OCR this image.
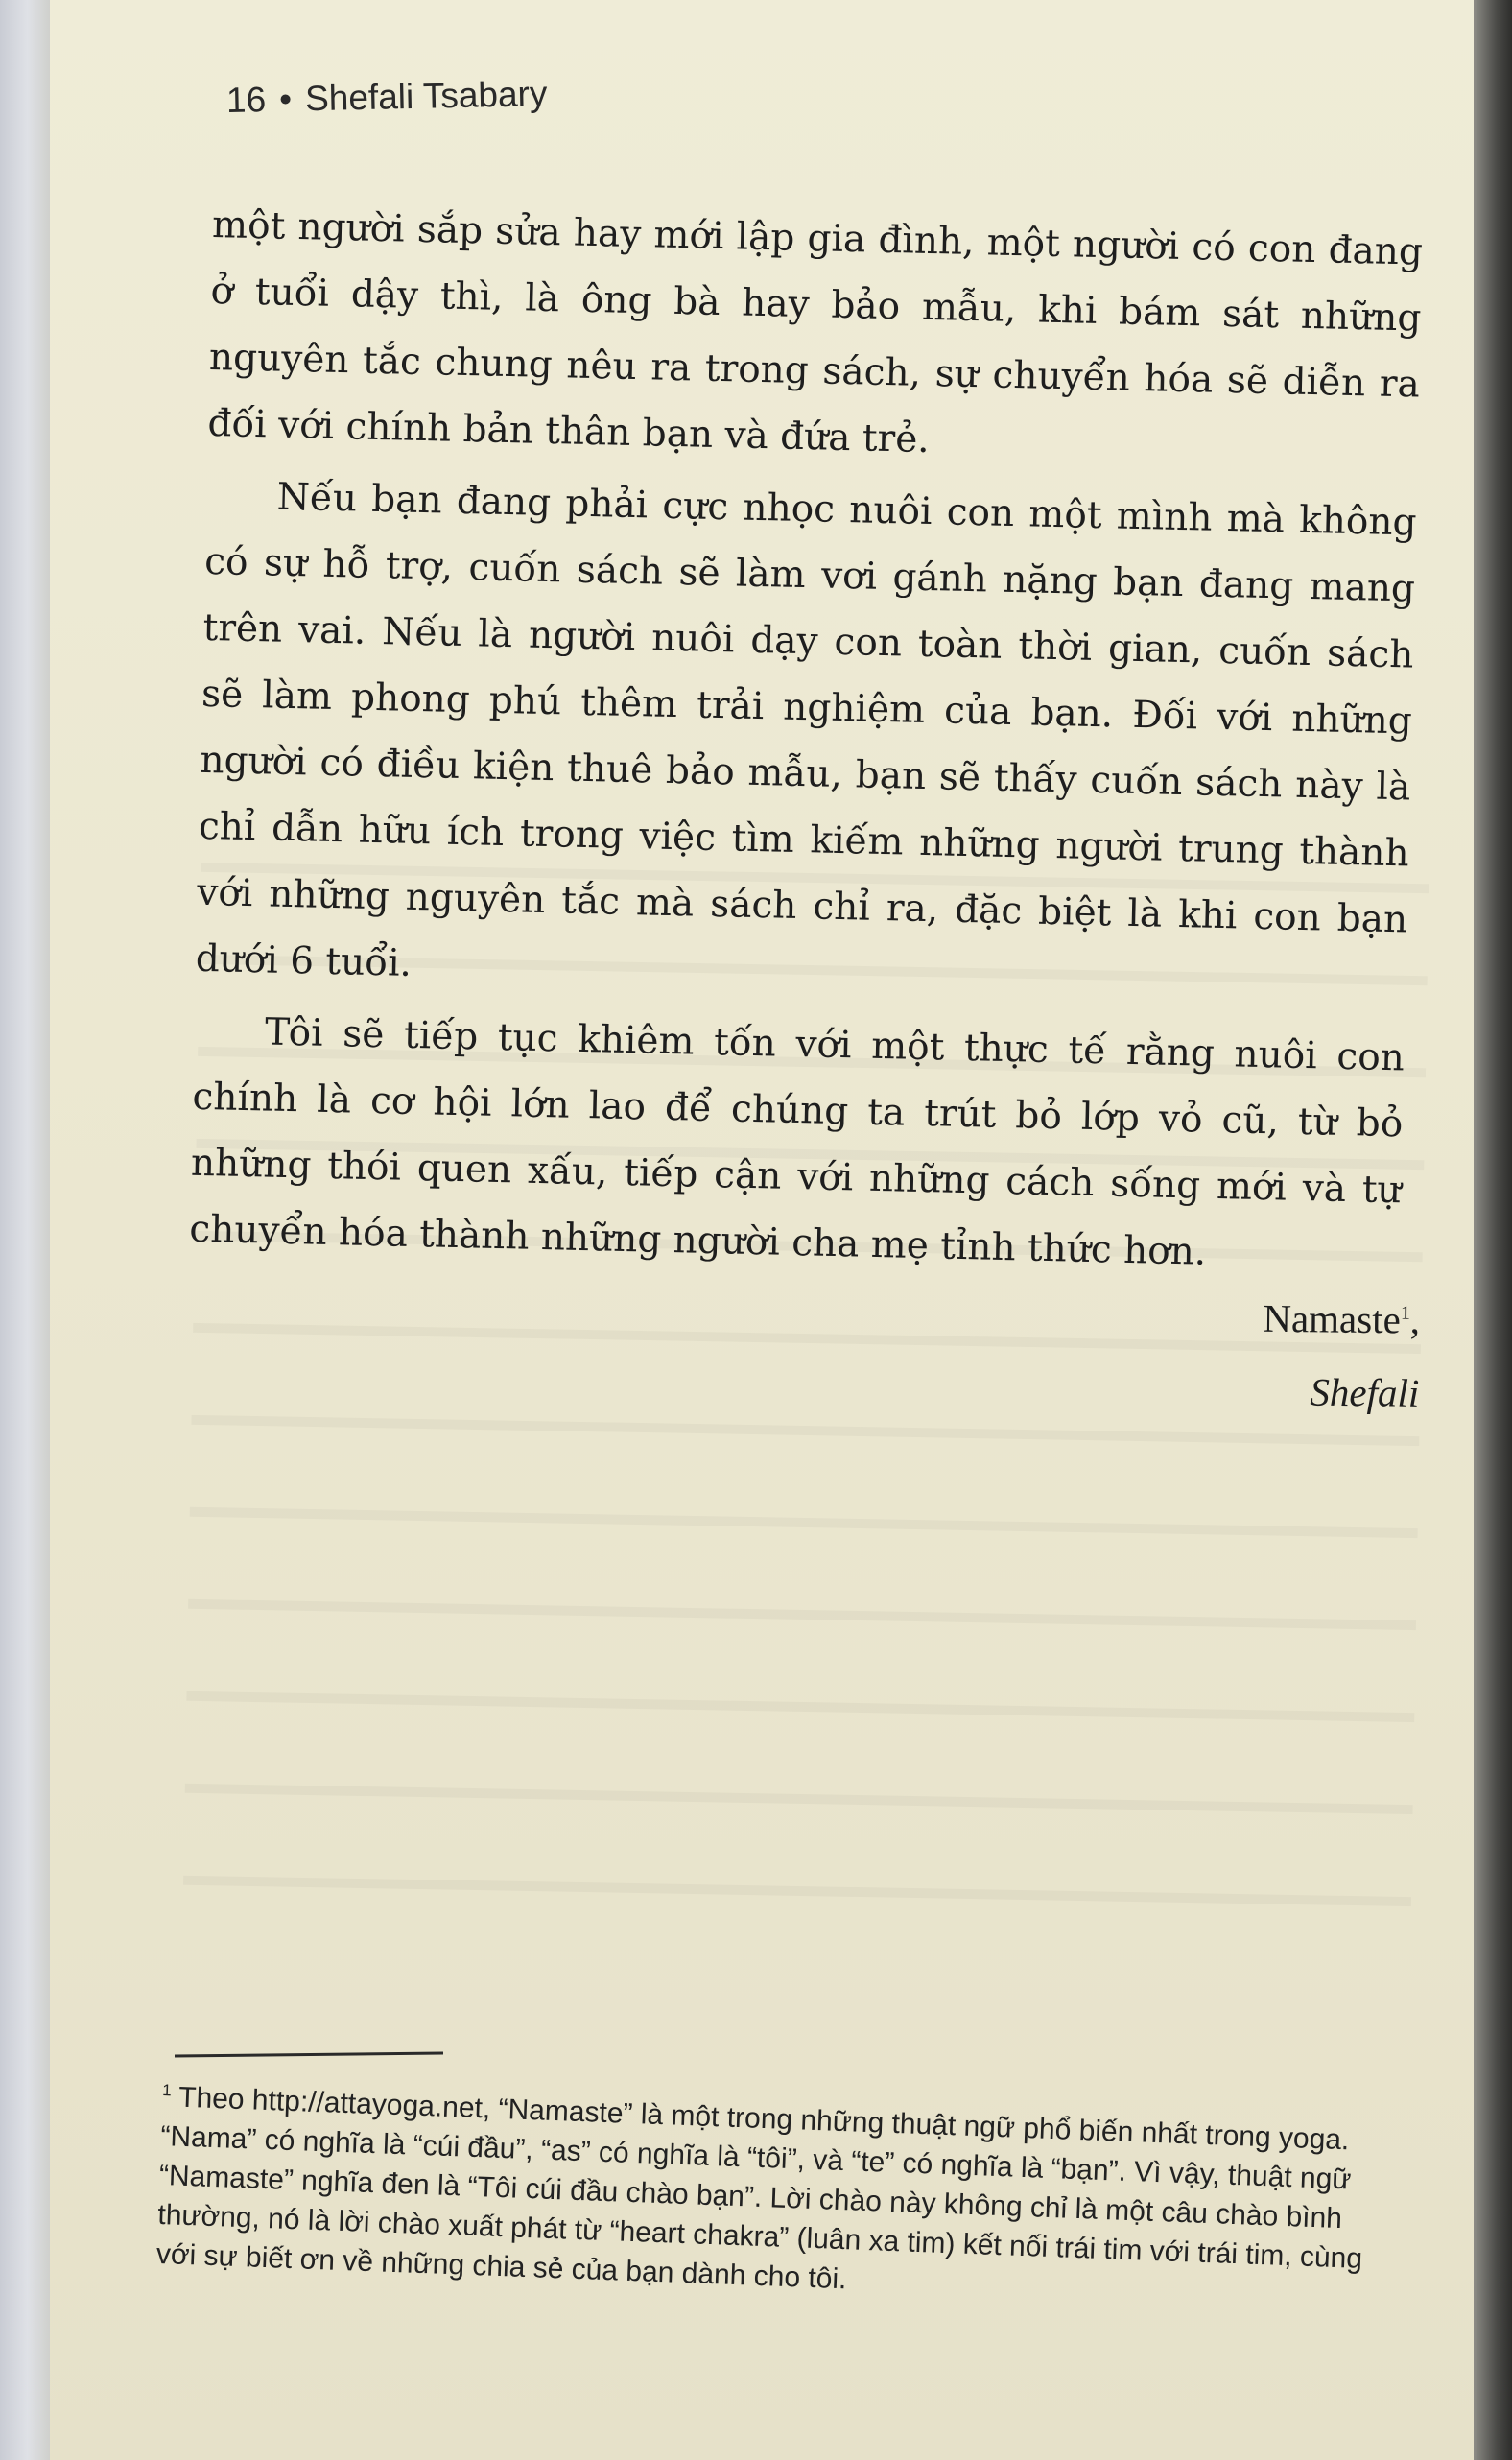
16 • Shefali Tsabary

một người sắp sửa hay mới lập gia đình, một người có con đang ở tuổi dậy thì, là ông bà hay bảo mẫu, khi bám sát những nguyên tắc chung nêu ra trong sách, sự chuyển hóa sẽ diễn ra đối với chính bản thân bạn và đứa trẻ.

Nếu bạn đang phải cực nhọc nuôi con một mình mà không có sự hỗ trợ, cuốn sách sẽ làm vơi gánh nặng bạn đang mang trên vai. Nếu là người nuôi dạy con toàn thời gian, cuốn sách sẽ làm phong phú thêm trải nghiệm của bạn. Đối với những người có điều kiện thuê bảo mẫu, bạn sẽ thấy cuốn sách này là chỉ dẫn hữu ích trong việc tìm kiếm những người trung thành với những nguyên tắc mà sách chỉ ra, đặc biệt là khi con bạn dưới 6 tuổi.

Tôi sẽ tiếp tục khiêm tốn với một thực tế rằng nuôi con chính là cơ hội lớn lao để chúng ta trút bỏ lớp vỏ cũ, từ bỏ những thói quen xấu, tiếp cận với những cách sống mới và tự chuyển hóa thành những người cha mẹ tỉnh thức hơn.

Namaste$^1$,
Shefali
$^1$ Theo http://attayoga.net, “Namaste” là một trong những thuật ngữ phổ biến nhất trong yoga. “Nama” có nghĩa là “cúi đầu”, “as” có nghĩa là “tôi”, và “te” có nghĩa là “bạn”. Vì vậy, thuật ngữ “Namaste” nghĩa đen là “Tôi cúi đầu chào bạn”. Lời chào này không chỉ là một câu chào bình thường, nó là lời chào xuất phát từ “heart chakra” (luân xa tim) kết nối trái tim với trái tim, cùng với sự biết ơn về những chia sẻ của bạn dành cho tôi.
